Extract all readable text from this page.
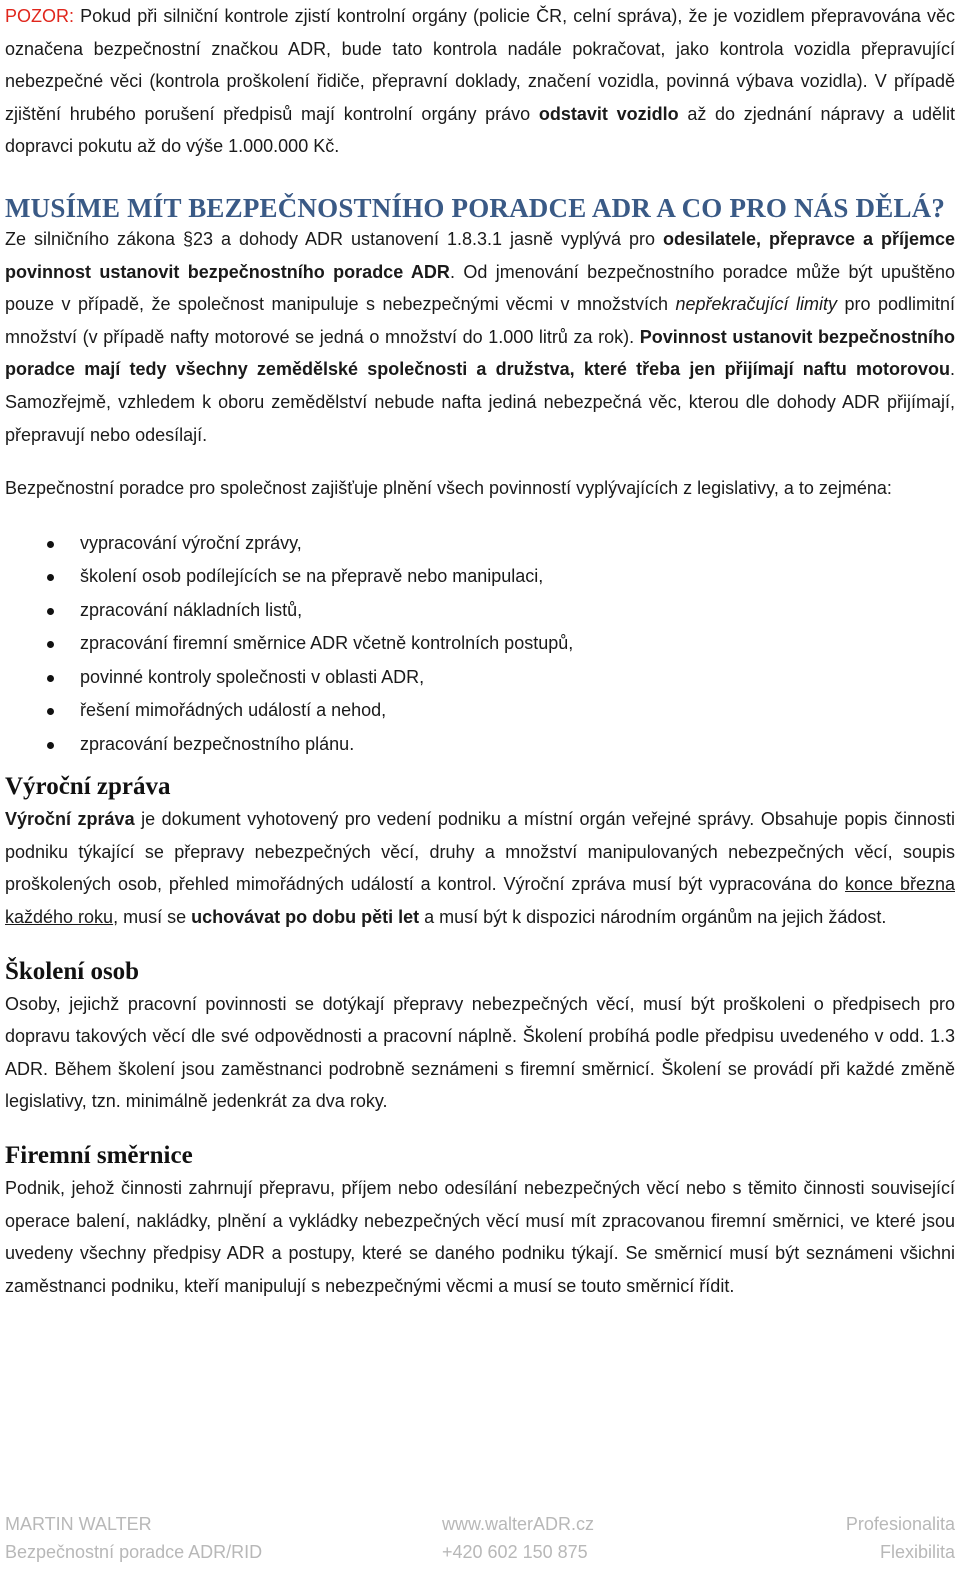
POZOR: Pokud při silniční kontrole zjistí kontrolní orgány (policie ČR, celní správa), že je vozidlem přepravována věc označena bezpečnostní značkou ADR, bude tato kontrola nadále pokračovat, jako kontrola vozidla přepravující nebezpečné věci (kontrola proškolení řidiče, přepravní doklady, značení vozidla, povinná výbava vozidla). V případě zjištění hrubého porušení předpisů mají kontrolní orgány právo odstavit vozidlo až do zjednání nápravy a udělit dopravci pokutu až do výše 1.000.000 Kč.

MUSÍME MÍT BEZPEČNOSTNÍHO PORADCE ADR A CO PRO NÁS DĚLÁ?

Ze silničního zákona §23 a dohody ADR ustanovení 1.8.3.1 jasně vyplývá pro odesilatele, přepravce a příjemce povinnost ustanovit bezpečnostního poradce ADR. Od jmenování bezpečnostního poradce může být upuštěno pouze v případě, že společnost manipuluje s nebezpečnými věcmi v množstvích nepřekračující limity pro podlimitní množství (v případě nafty motorové se jedná o množství do 1.000 litrů za rok). Povinnost ustanovit bezpečnostního poradce mají tedy všechny zemědělské společnosti a družstva, které třeba jen přijímají naftu motorovou. Samozřejmě, vzhledem k oboru zemědělství nebude nafta jediná nebezpečná věc, kterou dle dohody ADR přijímají, přepravují nebo odesílají.

Bezpečnostní poradce pro společnost zajišťuje plnění všech povinností vyplývajících z legislativy, a to zejména:

vypracování výroční zprávy,
školení osob podílejících se na přepravě nebo manipulaci,
zpracování nákladních listů,
zpracování firemní směrnice ADR včetně kontrolních postupů,
povinné kontroly společnosti v oblasti ADR,
řešení mimořádných událostí a nehod,
zpracování bezpečnostního plánu.
Výroční zpráva

Výroční zpráva je dokument vyhotovený pro vedení podniku a místní orgán veřejné správy. Obsahuje popis činnosti podniku týkající se přepravy nebezpečných věcí, druhy a množství manipulovaných nebezpečných věcí, soupis proškolených osob, přehled mimořádných událostí a kontrol. Výroční zpráva musí být vypracována do konce března každého roku, musí se uchovávat po dobu pěti let a musí být k dispozici národním orgánům na jejich žádost.

Školení osob

Osoby, jejichž pracovní povinnosti se dotýkají přepravy nebezpečných věcí, musí být proškoleni o předpisech pro dopravu takových věcí dle své odpovědnosti a pracovní náplně. Školení probíhá podle předpisu uvedeného v odd. 1.3 ADR. Během školení jsou zaměstnanci podrobně seznámeni s firemní směrnicí. Školení se provádí při každé změně legislativy, tzn. minimálně jedenkrát za dva roky.

Firemní směrnice

Podnik, jehož činnosti zahrnují přepravu, příjem nebo odesílání nebezpečných věcí nebo s těmito činnosti související operace balení, nakládky, plnění a vykládky nebezpečných věcí musí mít zpracovanou firemní směrnici, ve které jsou uvedeny všechny předpisy ADR a postupy, které se daného podniku týkají. Se směrnicí musí být seznámeni všichni zaměstnanci podniku, kteří manipulují s nebezpečnými věcmi a musí se touto směrnicí řídit.

MARTIN WALTER	www.walterADR.cz	Profesionalita
Bezpečnostní poradce ADR/RID	+420 602 150 875	Flexibilita
